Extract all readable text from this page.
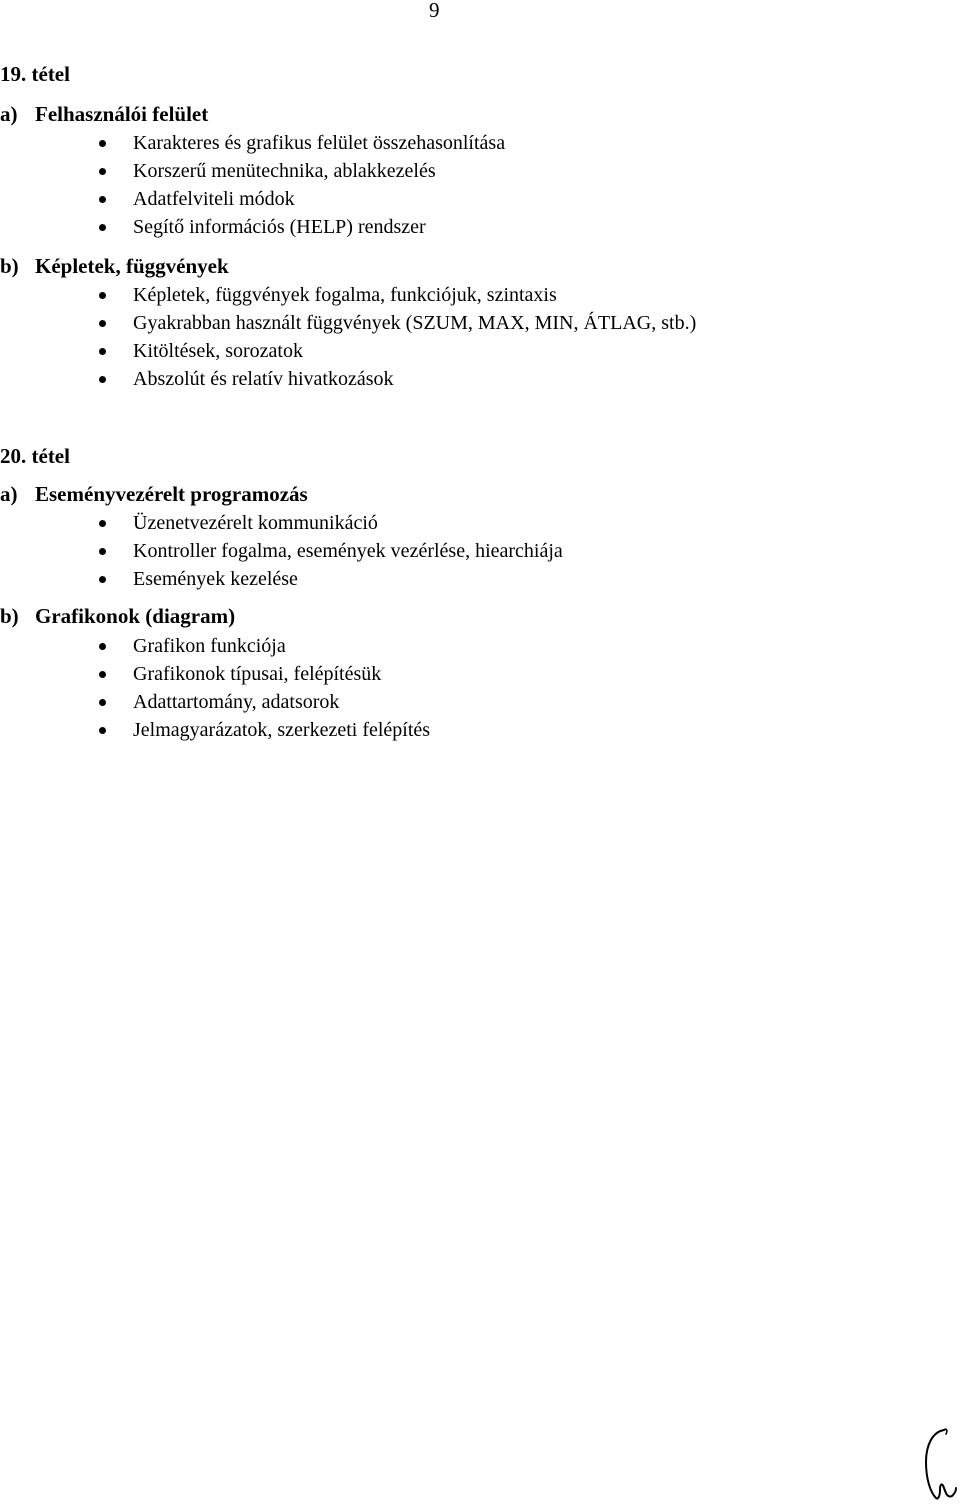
9
19. tétel
a) Felhasználói felület
Karakteres és grafikus felület összehasonlítása
Korszerű menütechnika, ablakkezelés
Adatfelviteli módok
Segítő információs (HELP) rendszer
b) Képletek, függvények
Képletek, függvények fogalma, funkciójuk, szintaxis
Gyakrabban használt függvények (SZUM, MAX, MIN, ÁTLAG, stb.)
Kitöltések, sorozatok
Abszolút és relatív hivatkozások
20. tétel
a) Eseményvezérelt programozás
Üzenetvezérelt kommunikáció
Kontroller fogalma, események vezérlése, hiearchiája
Események kezelése
b) Grafikonok (diagram)
Grafikon funkciója
Grafikonok típusai, felépítésük
Adattartomány, adatsorok
Jelmagyarázatok, szerkezeti felépítés
